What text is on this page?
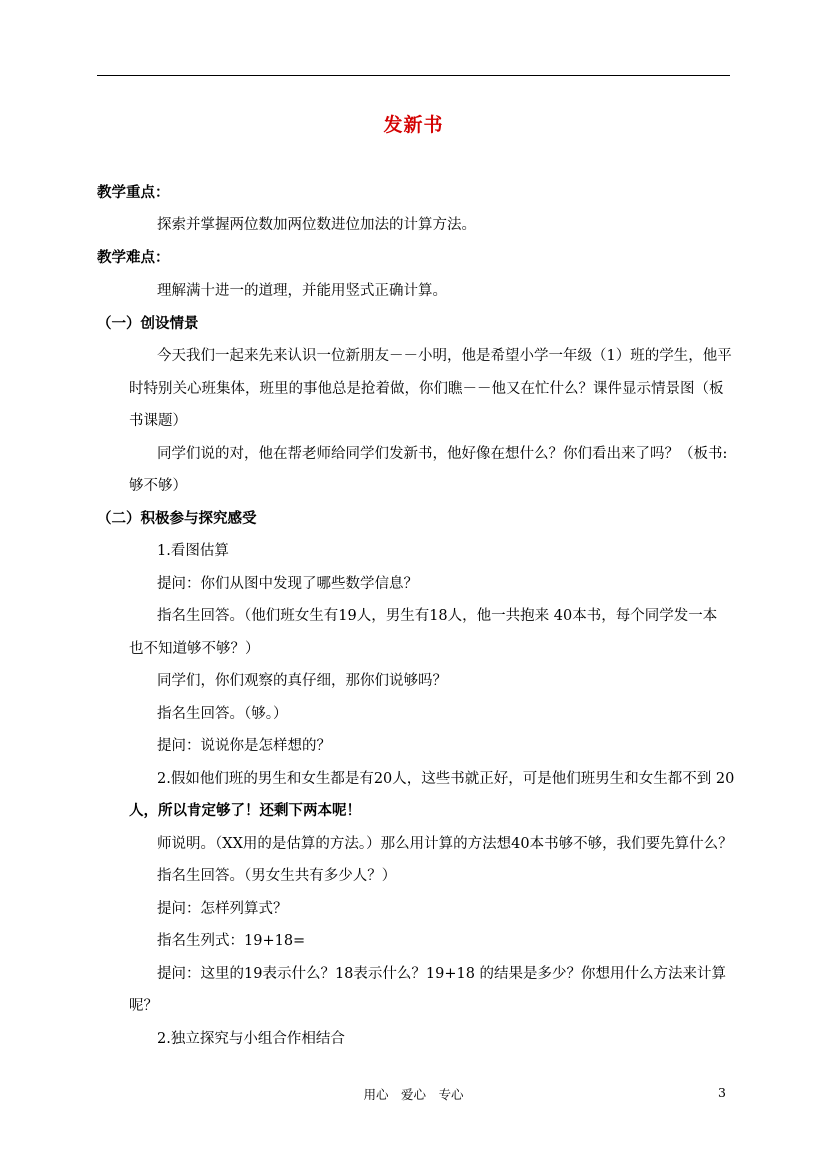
发新书
教学重点：
探索并掌握两位数加两位数进位加法的计算方法。
教学难点：
理解满十进一的道理，并能用竖式正确计算。
（一）创设情景
今天我们一起来先来认识一位新朋友－－小明，他是希望小学一年级（1）班的学生，他平
时特别关心班集体，班里的事他总是抢着做，你们瞧－－他又在忙什么？课件显示情景图（板
书课题）
同学们说的对，他在帮老师给同学们发新书，他好像在想什么？你们看出来了吗？（板书:
够不够）
（二）积极参与探究感受
1.看图估算
提问：你们从图中发现了哪些数学信息？
指名生回答。（他们班女生有19人，男生有18人，他一共抱来 40本书，每个同学发一本
也不知道够不够？）
同学们，你们观察的真仔细，那你们说够吗？
指名生回答。（够。）
提问：说说你是怎样想的？
2.假如他们班的男生和女生都是有20人，这些书就正好，可是他们班男生和女生都不到 20
人，所以肯定够了！还剩下两本呢！
师说明。（XX用的是估算的方法。）那么用计算的方法想40本书够不够，我们要先算什么？
指名生回答。（男女生共有多少人？）
提问：怎样列算式？
指名生列式：19+18=
提问：这里的19表示什么？18表示什么？19+18 的结果是多少？你想用什么方法来计算
呢？
2.独立探究与小组合作相结合
用心　爱心　专心	3
